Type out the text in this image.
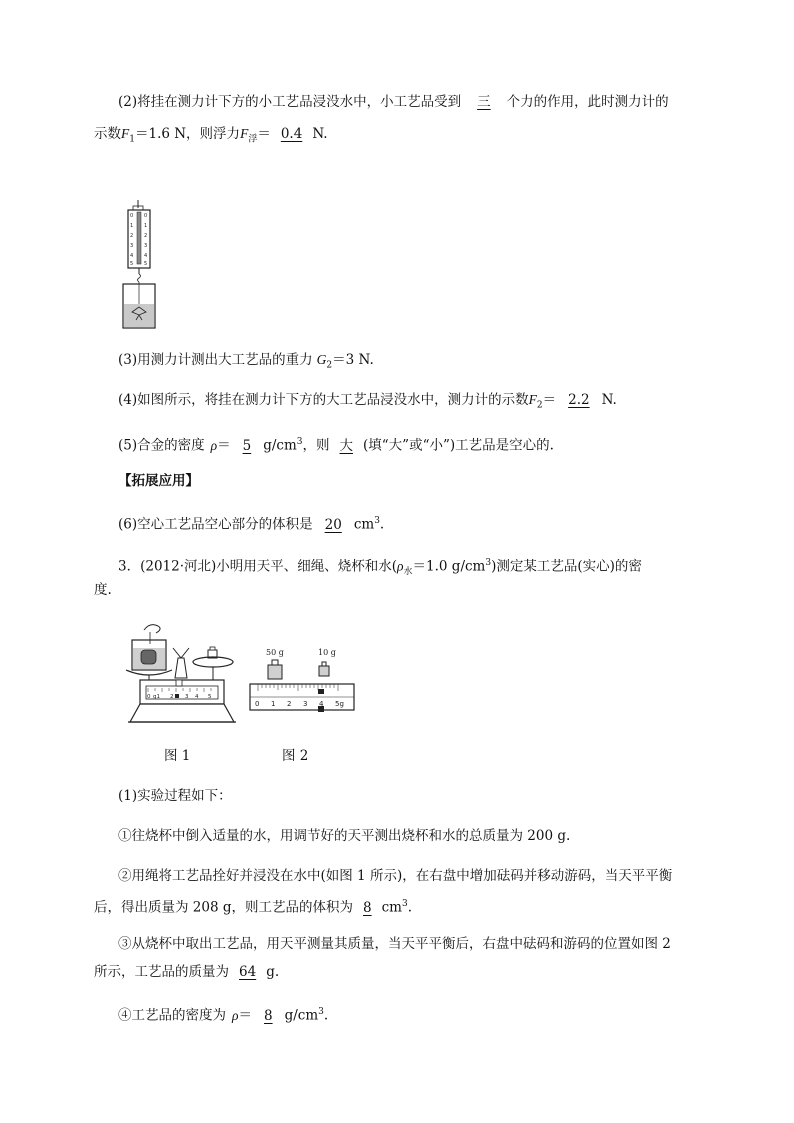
(2)将挂在测力计下方的小工艺品浸没水中，小工艺品受到 三 个力的作用，此时测力计的
示数$F_1=1.6$ N，则浮力$F_浮= 0.4$ N.
0 0
1 1
2 2
3 3
4 4
5 5
(3)用测力计测出大工艺品的重力 $G_2=3$ N.
(4)如图所示，将挂在测力计下方的大工艺品浸没水中，测力计的示数$F_2= 2.2$ N.
(5)合金的密度 ρ＝ 5 $g/cm^3$，则 大 (填“大”或“小”)工艺品是空心的.
【拓展应用】
(6)空心工艺品空心部分的体积是 20 $cm^3$.
3．(2012·河北)小明用天平、细绳、烧杯和水($\rho_水=1.0$ $g/cm^3$)测定某工艺品(实心)的密
度.
0 g1 2 3 4 5
50 g	10 g
0 1 2 3 4 5g
图 1	图 2
(1)实验过程如下：
①往烧杯中倒入适量的水，用调节好的天平测出烧杯和水的总质量为 200 g.
②用绳将工艺品拴好并浸没在水中(如图 1 所示)，在右盘中增加砝码并移动游码，当天平平衡
后，得出质量为 208 g，则工艺品的体积为 8 $cm^3$.
③从烧杯中取出工艺品，用天平测量其质量，当天平平衡后，右盘中砝码和游码的位置如图 2
所示，工艺品的质量为 64 g.
④工艺品的密度为 ρ＝ 8 $g/cm^3$.
